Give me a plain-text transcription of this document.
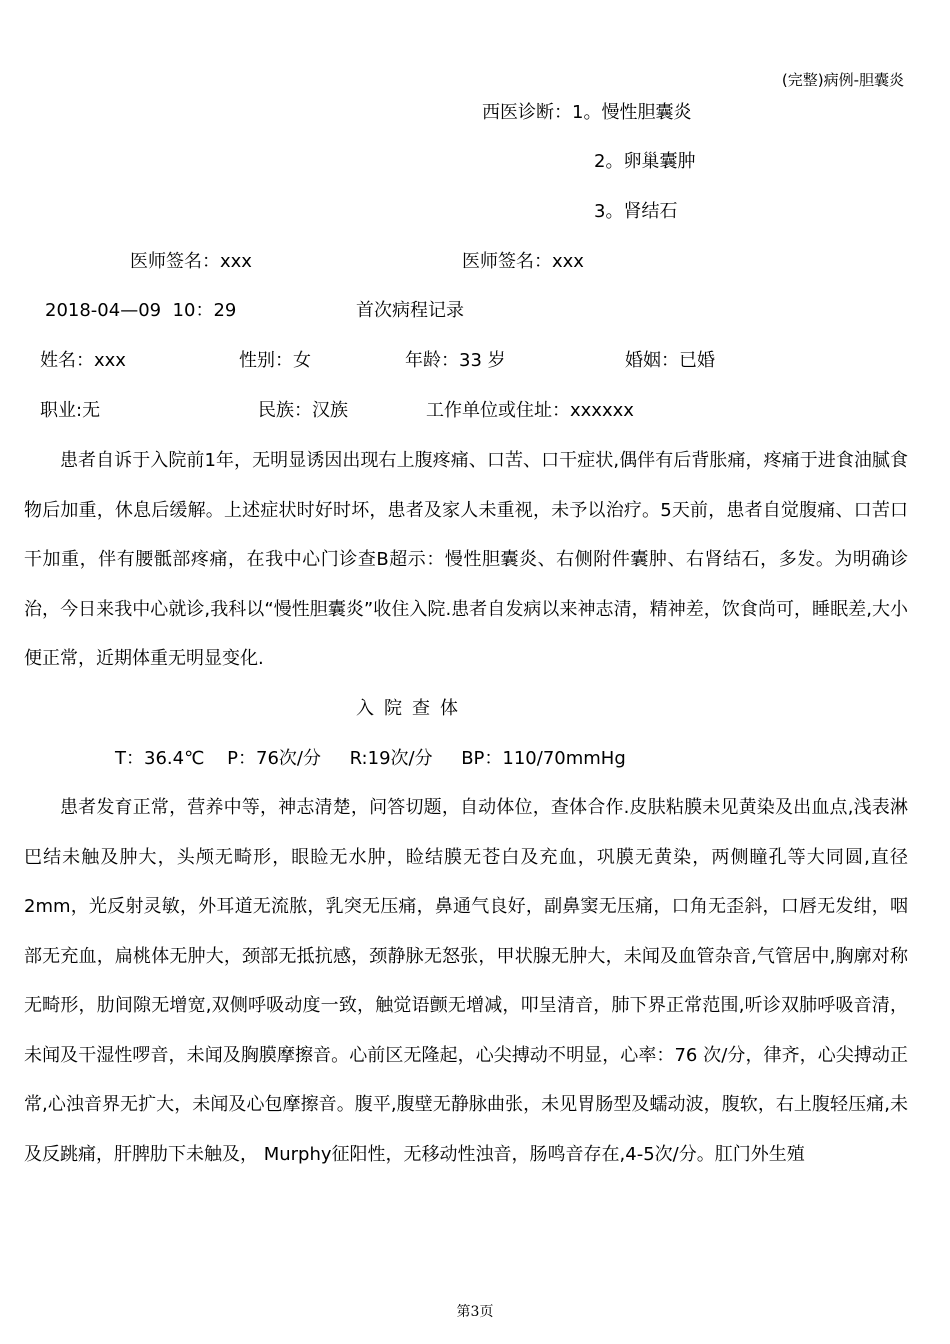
(完整)病例-胆囊炎
西医诊断：1。慢性胆囊炎
2。卵巢囊肿
3。肾结石
医师签名：xxx	医师签名：xxx
2018-04—09  10：29	首次病程记录
姓名：xxx	性别：女	年龄：33 岁	婚姻：已婚
职业:无	民族：汉族	工作单位或住址：xxxxxx
患者自诉于入院前1年，无明显诱因出现右上腹疼痛、口苦、口干症状,偶伴有后背胀痛，疼痛于进食油腻食物后加重，休息后缓解。上述症状时好时坏，患者及家人未重视，未予以治疗。5天前，患者自觉腹痛、口苦口干加重，伴有腰骶部疼痛，在我中心门诊查B超示：慢性胆囊炎、右侧附件囊肿、右肾结石，多发。为明确诊治，今日来我中心就诊,我科以“慢性胆囊炎”收住入院.患者自发病以来神志清，精神差，饮食尚可，睡眠差,大小便正常，近期体重无明显变化.
入院查体
T：36.4℃    P：76次/分     R:19次/分     BP：110/70mmHg
患者发育正常，营养中等，神志清楚，问答切题，自动体位，查体合作.皮肤粘膜未见黄染及出血点,浅表淋巴结未触及肿大，头颅无畸形，眼睑无水肿，睑结膜无苍白及充血，巩膜无黄染，两侧瞳孔等大同圆,直径 2mm，光反射灵敏，外耳道无流脓，乳突无压痛，鼻通气良好，副鼻窦无压痛，口角无歪斜，口唇无发绀，咽部无充血，扁桃体无肿大，颈部无抵抗感，颈静脉无怒张，甲状腺无肿大，未闻及血管杂音,气管居中,胸廓对称无畸形，肋间隙无增宽,双侧呼吸动度一致，触觉语颤无增减，叩呈清音，肺下界正常范围,听诊双肺呼吸音清，未闻及干湿性啰音，未闻及胸膜摩擦音。心前区无隆起，心尖搏动不明显，心率：76 次/分，律齐，心尖搏动正常,心浊音界无扩大，未闻及心包摩擦音。腹平,腹壁无静脉曲张，未见胃肠型及蠕动波，腹软，右上腹轻压痛,未及反跳痛，肝脾肋下未触及， Murphy征阳性，无移动性浊音，肠鸣音存在,4-5次/分。肛门外生殖
第3页
